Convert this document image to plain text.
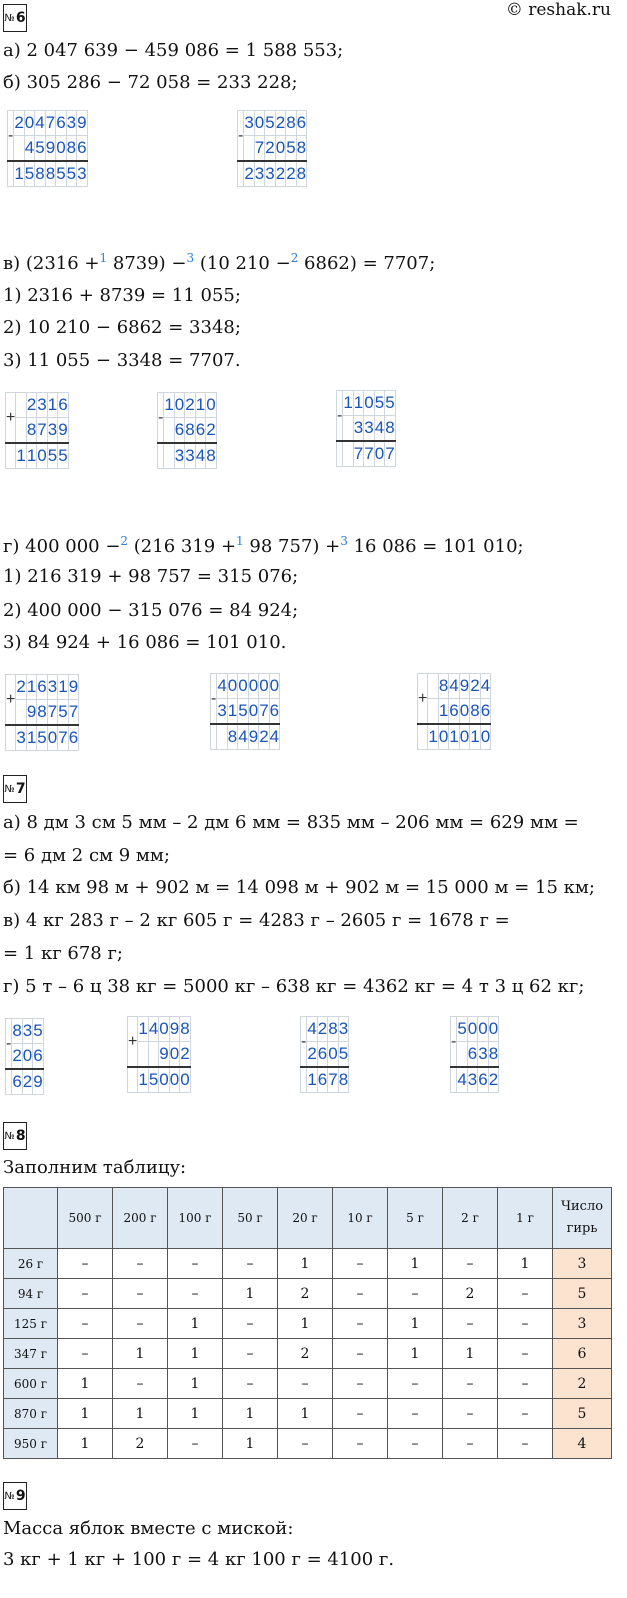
© reshak.ru
№ 6
а) 2 047 639 − 459 086 = 1 588 553;
б) 305 286 − 72 058 = 233 228;
-	2	0	4	7	6	3	9
		4	5	9	0	8	6
	1	5	8	8	5	5	3
-	3	0	5	2	8	6
		7	2	0	5	8
	2	3	3	2	2	8
в) (2316 +$^1$ 8739) −$^3$ (10 210 −$^2$ 6862) = 7707;
1) 2316 + 8739 = 11 055;
2) 10 210 − 6862 = 3348;
3) 11 055 − 3348 = 7707.
+		2	3	1	6
		8	7	3	9
	1	1	0	5	5
-	1	0	2	1	0
		6	8	6	2
		3	3	4	8
-	1	1	0	5	5
		3	3	4	8
		7	7	0	7
г) 400 000 −$^2$ (216 319 +$^1$ 98 757) +$^3$ 16 086 = 101 010;
1) 216 319 + 98 757 = 315 076;
2) 400 000 − 315 076 = 84 924;
3) 84 924 + 16 086 = 101 010.
+	2	1	6	3	1	9
		9	8	7	5	7
	3	1	5	0	7	6
-	4	0	0	0	0	0
	3	1	5	0	7	6
		8	4	9	2	4
+		8	4	9	2	4
		1	6	0	8	6
	1	0	1	0	1	0
№ 7
а) 8 дм 3 см 5 мм – 2 дм 6 мм = 835 мм – 206 мм = 629 мм =
= 6 дм 2 см 9 мм;
б) 14 км 98 м + 902 м = 14 098 м + 902 м = 15 000 м = 15 км;
в) 4 кг 283 г – 2 кг 605 г = 4283 г – 2605 г = 1678 г =
= 1 кг 678 г;
г) 5 т – 6 ц 38 кг = 5000 кг – 638 кг = 4362 кг = 4 т 3 ц 62 кг;
-	8	3	5
	2	0	6
	6	2	9
+	1	4	0	9	8
			9	0	2
	1	5	0	0	0
-	4	2	8	3
	2	6	0	5
	1	6	7	8
-	5	0	0	0
		6	3	8
	4	3	6	2
№ 8
Заполним таблицу:
	500 г	200 г	100 г	50 г	20 г	10 г	5 г	2 г	1 г	Число гирь
26 г	–	–	–	–	1	–	1	–	1	3
94 г	–	–	–	1	2	–	–	2	–	5
125 г	–	–	1	–	1	–	1	–	–	3
347 г	–	1	1	–	2	–	1	1	–	6
600 г	1	–	1	–	–	–	–	–	–	2
870 г	1	1	1	1	1	–	–	–	–	5
950 г	1	2	–	1	–	–	–	–	–	4
№ 9
Масса яблок вместе с миской:
3 кг + 1 кг + 100 г = 4 кг 100 г = 4100 г.
